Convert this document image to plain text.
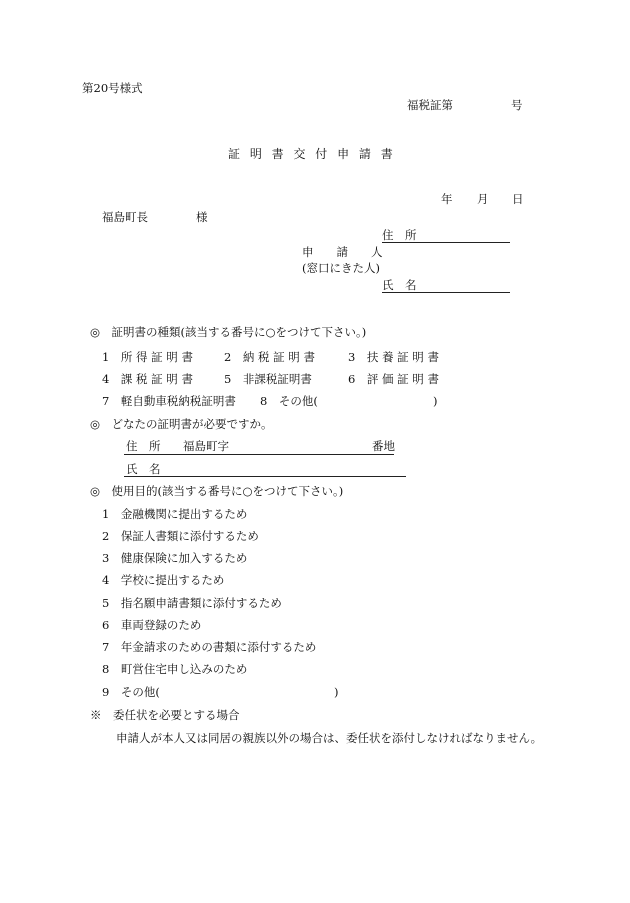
第20号様式
福税証第	号
証 明 書 交 付 申 請 書
年 月 日
福島町長	様
住　所
申　　請　　人
(窓口にきた人)
氏　名
◎　証明書の種類(該当する番号に○をつけて下さい。)
1　所 得 証 明 書	2　納 税 証 明 書	3　扶 養 証 明 書
4　課 税 証 明 書	5　非課税証明書	6　評 価 証 明 書
7　軽自動車税納税証明書 8　その他(	)
◎　どなたの証明書が必要ですか。
住　所 福島町字	番地
氏　名
◎　使用目的(該当する番号に○をつけて下さい。)
1　金融機関に提出するため
2　保証人書類に添付するため
3　健康保険に加入するため
4　学校に提出するため
5　指名願申請書類に添付するため
6　車両登録のため
7　年金請求のための書類に添付するため
8　町営住宅申し込みのため
9　その他(	)
※　委任状を必要とする場合
申請人が本人又は同居の親族以外の場合は、委任状を添付しなければなりません。
